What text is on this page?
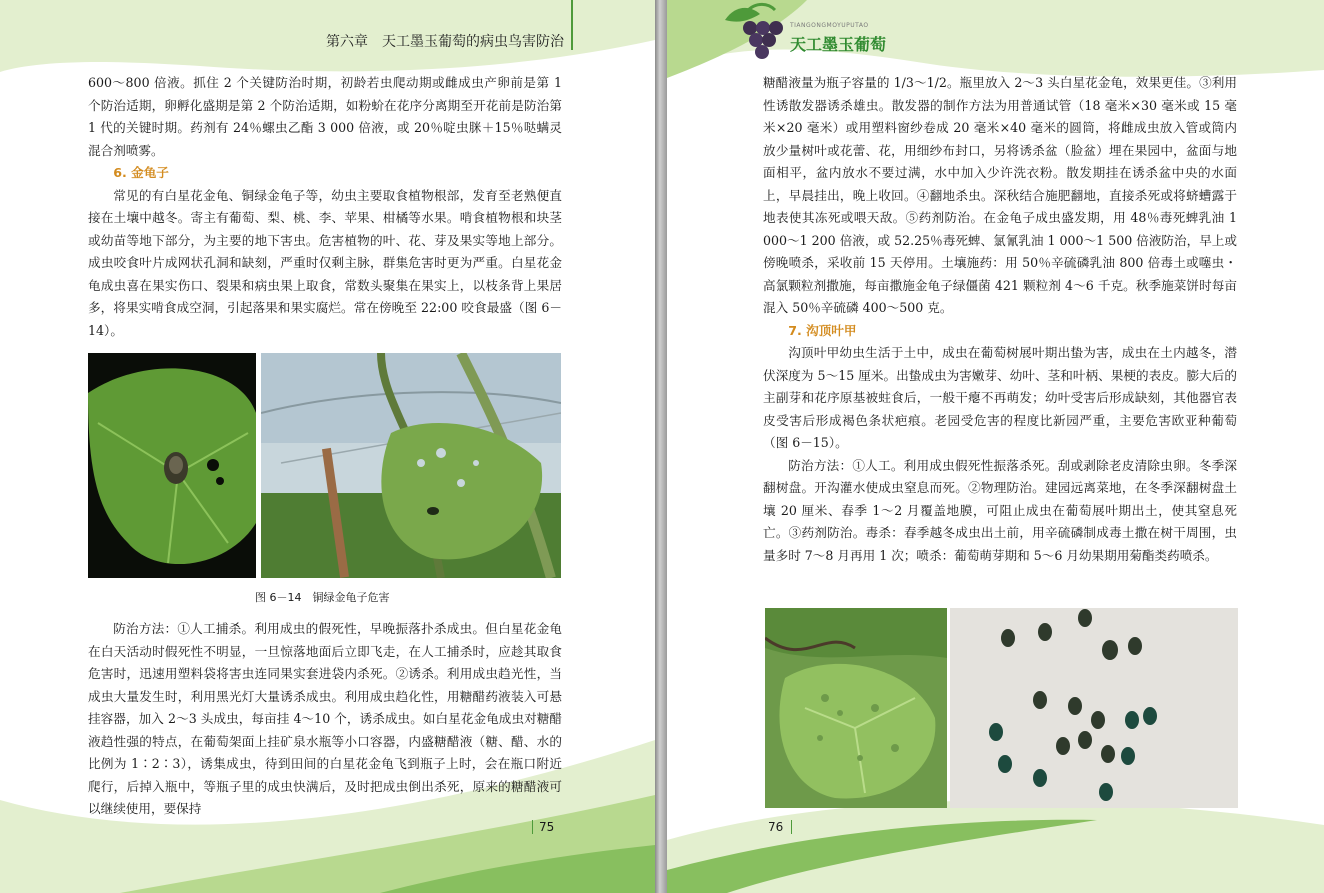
第六章　天工墨玉葡萄的病虫鸟害防治

600～800 倍液。抓住 2 个关键防治时期，初龄若虫爬动期或雌成虫产卵前是第 1 个防治适期，卵孵化盛期是第 2 个防治适期，如粉蚧在花序分离期至开花前是防治第 1 代的关键时期。药剂有 24％螺虫乙酯 3 000 倍液，或 20％啶虫脒＋15％哒螨灵混合剂喷雾。

6. 金龟子

常见的有白星花金龟、铜绿金龟子等，幼虫主要取食植物根部，发育至老熟便直接在土壤中越冬。寄主有葡萄、梨、桃、李、苹果、柑橘等水果。啃食植物根和块茎或幼苗等地下部分，为主要的地下害虫。危害植物的叶、花、芽及果实等地上部分。成虫咬食叶片成网状孔洞和缺刻，严重时仅剩主脉，群集危害时更为严重。白星花金龟成虫喜在果实伤口、裂果和病虫果上取食，常数头聚集在果实上，以枝条背上果居多，将果实啃食成空洞，引起落果和果实腐烂。常在傍晚至 22:00 咬食最盛（图 6－14）。

图 6－14　铜绿金龟子危害

防治方法：①人工捕杀。利用成虫的假死性，早晚振落扑杀成虫。但白星花金龟在白天活动时假死性不明显，一旦惊落地面后立即飞走，在人工捕杀时，应趁其取食危害时，迅速用塑料袋将害虫连同果实套进袋内杀死。②诱杀。利用成虫趋光性，当成虫大量发生时，利用黑光灯大量诱杀成虫。利用成虫趋化性，用糖醋药液装入可悬挂容器，加入 2～3 头成虫，每亩挂 4～10 个，诱杀成虫。如白星花金龟成虫对糖醋液趋性强的特点，在葡萄架面上挂矿泉水瓶等小口容器，内盛糖醋液（糖、醋、水的比例为 1∶2∶3），诱集成虫，待到田间的白星花金龟飞到瓶子上时，会在瓶口附近爬行，后掉入瓶中，等瓶子里的成虫快满后，及时把成虫倒出杀死，原来的糖醋液可以继续使用，要保持

75
TIANGONGMOYUPUTAO
天工墨玉葡萄

糖醋液量为瓶子容量的 1/3～1/2。瓶里放入 2～3 头白星花金龟，效果更佳。③利用性诱散发器诱杀雄虫。散发器的制作方法为用普通试管（18 毫米×30 毫米或 15 毫米×20 毫米）或用塑料窗纱卷成 20 毫米×40 毫米的圆筒，将雌成虫放入管或筒内放少量树叶或花蕾、花，用细纱布封口，另将诱杀盆（脸盆）埋在果园中，盆面与地面相平，盆内放水不要过满，水中加入少许洗衣粉。散发期挂在诱杀盆中央的水面上，早晨挂出，晚上收回。④翻地杀虫。深秋结合施肥翻地，直接杀死或将蛴螬露于地表使其冻死或喂天敌。⑤药剂防治。在金龟子成虫盛发期，用 48％毒死蜱乳油 1 000～1 200 倍液，或 52.25％毒死蜱、氯氰乳油 1 000～1 500 倍液防治，早上或傍晚喷杀，采收前 15 天停用。土壤施药：用 50％辛硫磷乳油 800 倍毒土或噻虫・高氯颗粒剂撒施，每亩撒施金龟子绿僵菌 421 颗粒剂 4～6 千克。秋季施菜饼时每亩混入 50％辛硫磷 400～500 克。

7. 沟顶叶甲

沟顶叶甲幼虫生活于土中，成虫在葡萄树展叶期出蛰为害，成虫在土内越冬，潜伏深度为 5～15 厘米。出蛰成虫为害嫩芽、幼叶、茎和叶柄、果梗的表皮。膨大后的主副芽和花序原基被蛀食后，一般干瘪不再萌发；幼叶受害后形成缺刻，其他器官表皮受害后形成褐色条状疤痕。老园受危害的程度比新园严重，主要危害欧亚种葡萄（图 6－15）。

防治方法：①人工。利用成虫假死性振落杀死。刮或剥除老皮清除虫卵。冬季深翻树盘。开沟灌水使成虫窒息而死。②物理防治。建园远离菜地，在冬季深翻树盘土壤 20 厘米、春季 1～2 月覆盖地膜，可阻止成虫在葡萄展叶期出土，使其窒息死亡。③药剂防治。毒杀：春季越冬成虫出土前，用辛硫磷制成毒土撒在树干周围，虫量多时 7～8 月再用 1 次；喷杀：葡萄萌芽期和 5～6 月幼果期用菊酯类药喷杀。

76
